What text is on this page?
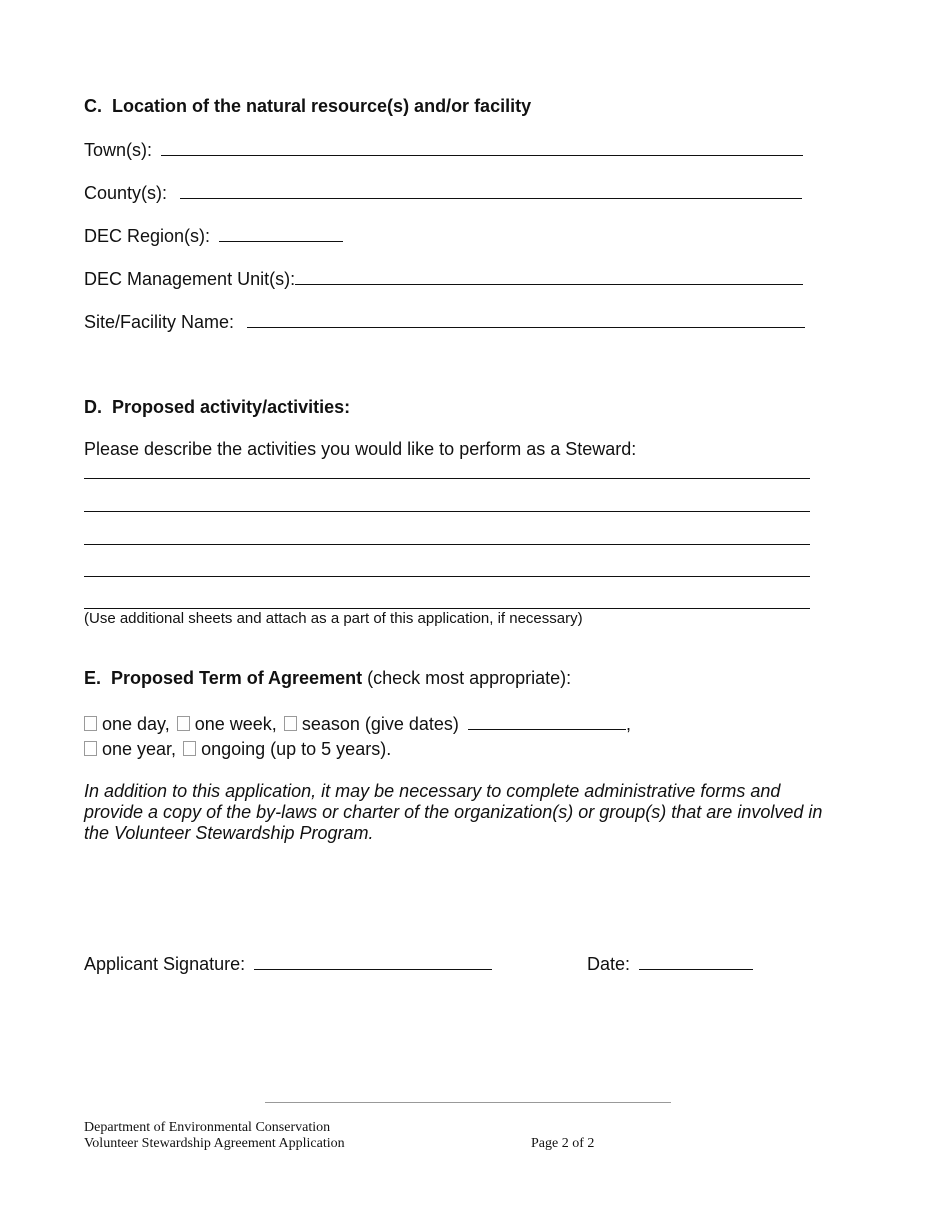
C. Location of the natural resource(s) and/or facility
Town(s):
County(s):
DEC Region(s):
DEC Management Unit(s):
Site/Facility Name:
D. Proposed activity/activities:
Please describe the activities you would like to perform as a Steward:
(Use additional sheets and attach as a part of this application, if necessary)
E. Proposed Term of Agreement (check most appropriate):
one day, one week, season (give dates)	,
one year, ongoing (up to 5 years).
In addition to this application, it may be necessary to complete administrative forms and provide a copy of the by-laws or charter of the organization(s) or group(s) that are involved in the Volunteer Stewardship Program.
Applicant Signature:	Date:
Department of Environmental Conservation
Volunteer Stewardship Agreement Application	Page 2 of 2
